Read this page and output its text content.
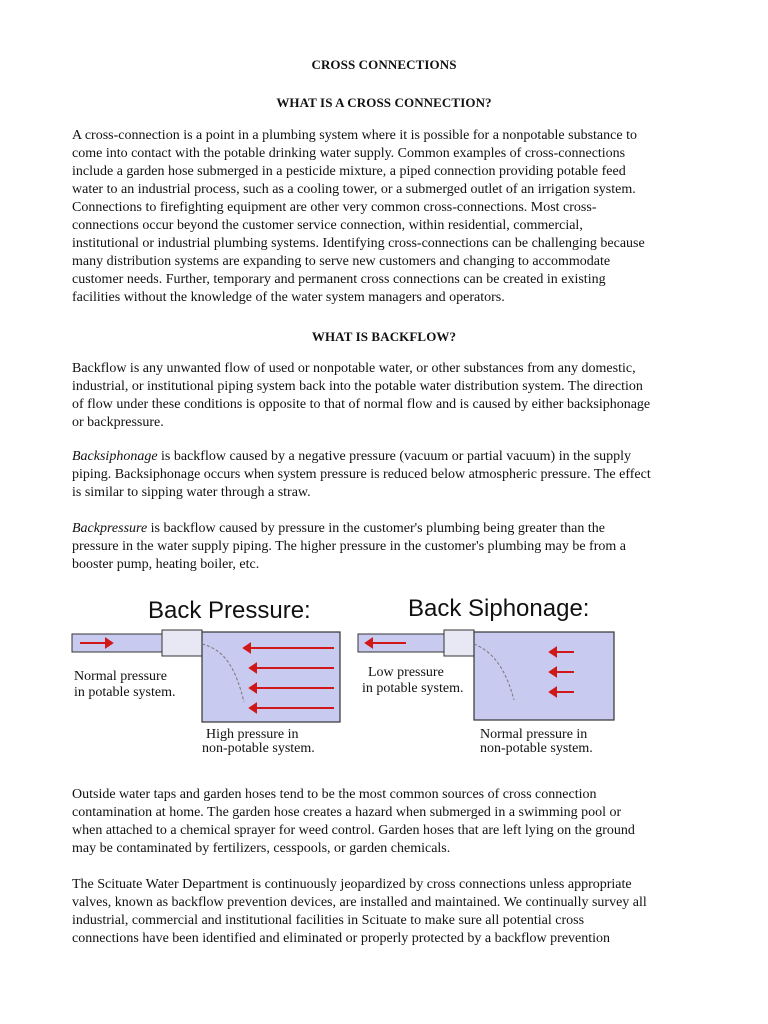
CROSS CONNECTIONS
WHAT IS A CROSS CONNECTION?
A cross-connection is a point in a plumbing system where it is possible for a nonpotable substance to
come into contact with the potable drinking water supply. Common examples of cross-connections
include a garden hose submerged in a pesticide mixture, a piped connection providing potable feed
water to an industrial process, such as a cooling tower, or a submerged outlet of an irrigation system.
Connections to firefighting equipment are other very common cross-connections. Most cross-
connections occur beyond the customer service connection, within residential, commercial,
institutional or industrial plumbing systems. Identifying cross-connections can be challenging because
many distribution systems are expanding to serve new customers and changing to accommodate
customer needs. Further, temporary and permanent cross connections can be created in existing
facilities without the knowledge of the water system managers and operators.
WHAT IS BACKFLOW?
Backflow is any unwanted flow of used or nonpotable water, or other substances from any domestic,
industrial, or institutional piping system back into the potable water distribution system. The direction
of flow under these conditions is opposite to that of normal flow and is caused by either backsiphonage
or backpressure.
Backsiphonage is backflow caused by a negative pressure (vacuum or partial vacuum) in the supply
piping. Backsiphonage occurs when system pressure is reduced below atmospheric pressure. The effect
is similar to sipping water through a straw.
Backpressure is backflow caused by pressure in the customer's plumbing being greater than the
pressure in the water supply piping. The higher pressure in the customer's plumbing may be from a
booster pump, heating boiler, etc.
Back Pressure:
Normal pressure
in potable system.
High pressure in
non-potable system.
Back Siphonage:
Low pressure
in potable system.
Normal pressure in
non-potable system.
Outside water taps and garden hoses tend to be the most common sources of cross connection
contamination at home. The garden hose creates a hazard when submerged in a swimming pool or
when attached to a chemical sprayer for weed control. Garden hoses that are left lying on the ground
may be contaminated by fertilizers, cesspools, or garden chemicals.
The Scituate Water Department is continuously jeopardized by cross connections unless appropriate
valves, known as backflow prevention devices, are installed and maintained. We continually survey all
industrial, commercial and institutional facilities in Scituate to make sure all potential cross
connections have been identified and eliminated or properly protected by a backflow prevention
